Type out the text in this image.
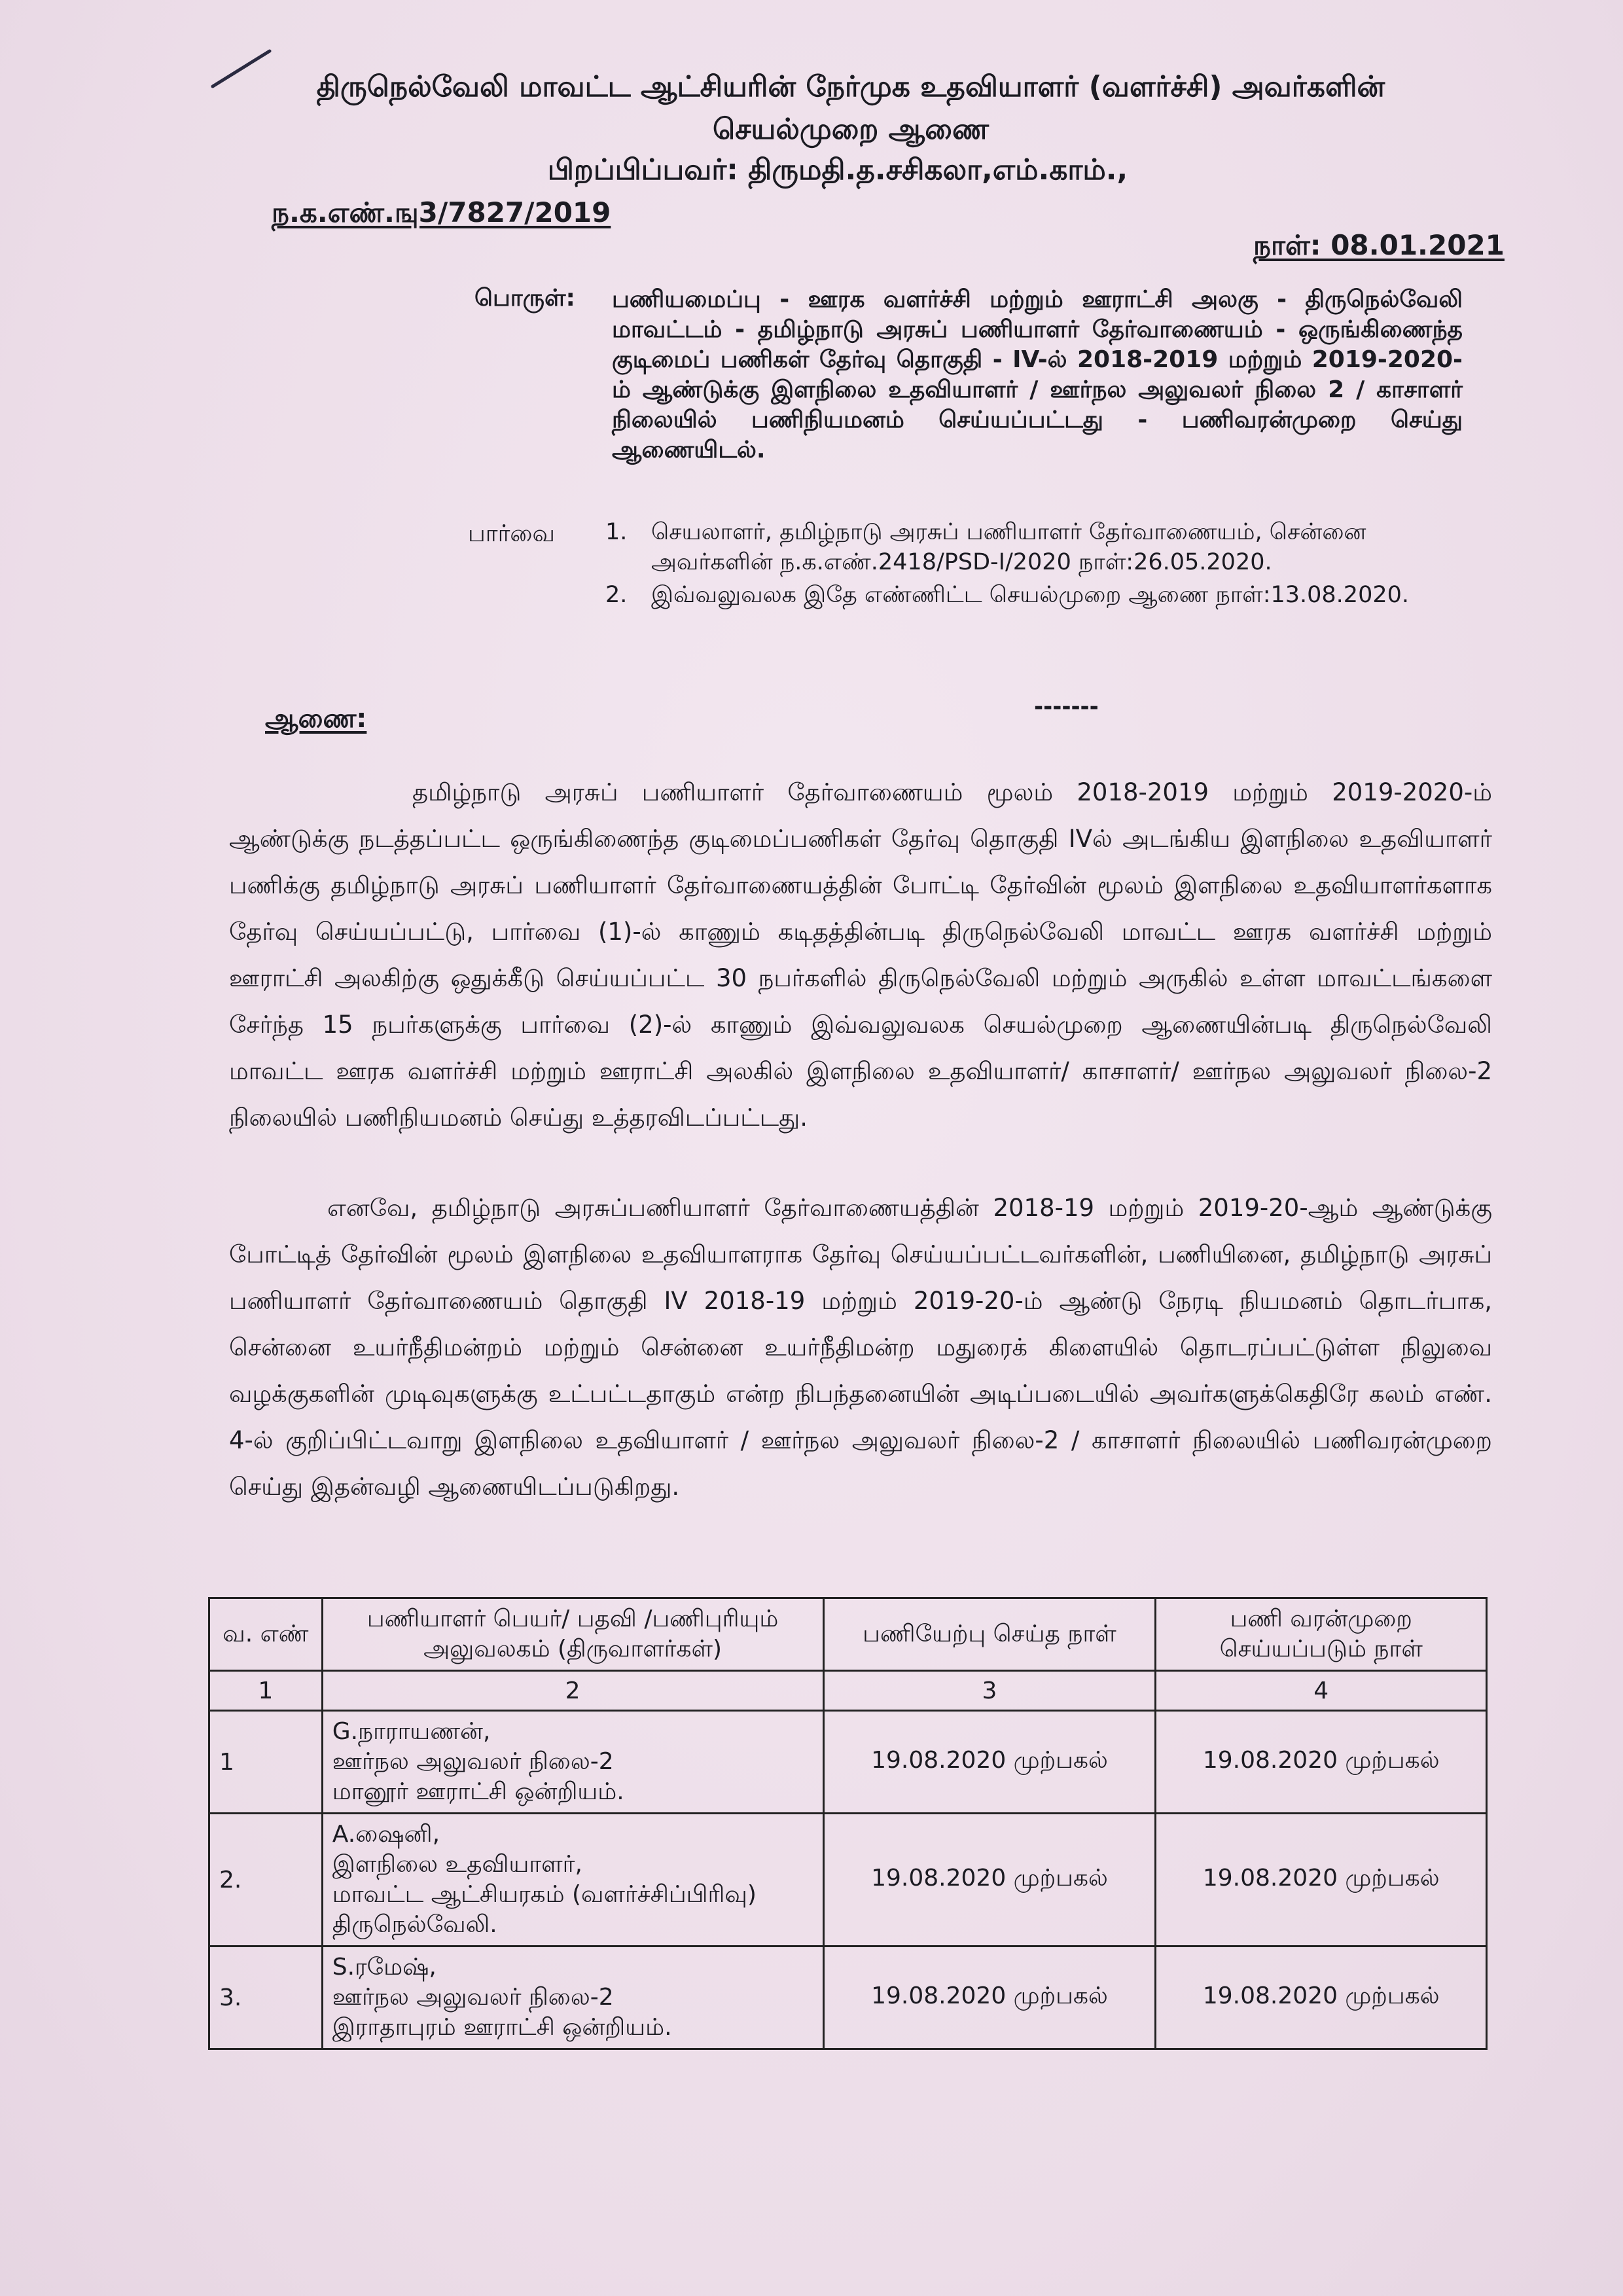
திருநெல்வேலி மாவட்ட ஆட்சியரின் நேர்முக உதவியாளர் (வளர்ச்சி) அவர்களின்
செயல்முறை ஆணை
பிறப்பிப்பவர்: திருமதி.த.சசிகலா,எம்.காம்.,
ந.க.எண்.ஙு3/7827/2019
நாள்: 08.01.2021
பொருள்: பணியமைப்பு - ஊரக வளர்ச்சி மற்றும் ஊராட்சி அலகு - திருநெல்வேலி மாவட்டம் - தமிழ்நாடு அரசுப் பணியாளர் தேர்வாணையம் - ஒருங்கிணைந்த குடிமைப் பணிகள் தேர்வு தொகுதி - IV-ல் 2018-2019 மற்றும் 2019-2020-ம் ஆண்டுக்கு இளநிலை உதவியாளர் / ஊர்நல அலுவலர் நிலை 2 / காசாளர் நிலையில் பணிநியமனம் செய்யப்பட்டது - பணிவரன்முறை செய்து ஆணையிடல்.
பார்வை 1.	செயலாளர், தமிழ்நாடு அரசுப் பணியாளர் தேர்வாணையம், சென்னை அவர்களின் ந.க.எண்.2418/PSD-I/2020 நாள்:26.05.2020.
2.	இவ்வலுவலக இதே எண்ணிட்ட செயல்முறை ஆணை நாள்:13.08.2020.
-------
ஆணை:
தமிழ்நாடு அரசுப் பணியாளர் தேர்வாணையம் மூலம் 2018-2019 மற்றும் 2019-2020-ம் ஆண்டுக்கு நடத்தப்பட்ட ஒருங்கிணைந்த குடிமைப்பணிகள் தேர்வு தொகுதி IVல் அடங்கிய இளநிலை உதவியாளர் பணிக்கு தமிழ்நாடு அரசுப் பணியாளர் தேர்வாணையத்தின் போட்டி தேர்வின் மூலம் இளநிலை உதவியாளர்களாக தேர்வு செய்யப்பட்டு, பார்வை (1)-ல் காணும் கடிதத்தின்படி திருநெல்வேலி மாவட்ட ஊரக வளர்ச்சி மற்றும் ஊராட்சி அலகிற்கு ஒதுக்கீடு செய்யப்பட்ட 30 நபர்களில் திருநெல்வேலி மற்றும் அருகில் உள்ள மாவட்டங்களை சேர்ந்த 15 நபர்களுக்கு பார்வை (2)-ல் காணும் இவ்வலுவலக செயல்முறை ஆணையின்படி திருநெல்வேலி மாவட்ட ஊரக வளர்ச்சி மற்றும் ஊராட்சி அலகில் இளநிலை உதவியாளர்/ காசாளர்/ ஊர்நல அலுவலர் நிலை-2 நிலையில் பணிநியமனம் செய்து உத்தரவிடப்பட்டது.
எனவே, தமிழ்நாடு அரசுப்பணியாளர் தேர்வாணையத்தின் 2018-19 மற்றும் 2019-20-ஆம் ஆண்டுக்கு போட்டித் தேர்வின் மூலம் இளநிலை உதவியாளராக தேர்வு செய்யப்பட்டவர்களின், பணியினை, தமிழ்நாடு அரசுப் பணியாளர் தேர்வாணையம் தொகுதி IV 2018-19 மற்றும் 2019-20-ம் ஆண்டு நேரடி நியமனம் தொடர்பாக, சென்னை உயர்நீதிமன்றம் மற்றும் சென்னை உயர்நீதிமன்ற மதுரைக் கிளையில் தொடரப்பட்டுள்ள நிலுவை வழக்குகளின் முடிவுகளுக்கு உட்பட்டதாகும் என்ற நிபந்தனையின் அடிப்படையில் அவர்களுக்கெதிரே கலம் எண். 4-ல் குறிப்பிட்டவாறு இளநிலை உதவியாளர் / ஊர்நல அலுவலர் நிலை-2 / காசாளர் நிலையில் பணிவரன்முறை செய்து இதன்வழி ஆணையிடப்படுகிறது.
வ. எண்	பணியாளர் பெயர்/ பதவி /பணிபுரியும் அலுவலகம் (திருவாளர்கள்)	பணியேற்பு செய்த நாள்	பணி வரன்முறை செய்யப்படும் நாள்
1	2	3	4
1	G.நாராயணன்,
ஊர்நல அலுவலர் நிலை-2
மானூர் ஊராட்சி ஒன்றியம்.	19.08.2020 முற்பகல்	19.08.2020 முற்பகல்
2.	A.ஷைனி,
இளநிலை உதவியாளர்,
மாவட்ட ஆட்சியரகம் (வளர்ச்சிப்பிரிவு)
திருநெல்வேலி.	19.08.2020 முற்பகல்	19.08.2020 முற்பகல்
3.	S.ரமேஷ்,
ஊர்நல அலுவலர் நிலை-2
இராதாபுரம் ஊராட்சி ஒன்றியம்.	19.08.2020 முற்பகல்	19.08.2020 முற்பகல்
